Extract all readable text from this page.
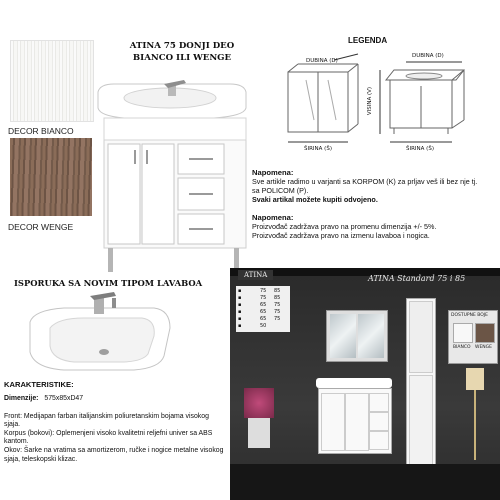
DECOR BIANCO
DECOR WENGE
ATINA 75 DONJI DEO
BIANCO ILI WENGE
LEGENDA
DUBINA (D)
ŠIRINA (Š)
DUBINA (D)
VISINA (V)
ŠIRINA (Š)
Napomena:
Sve artikle radimo u varjanti sa KORPOM (K) za prljav veš ili bez nje tj.
sa POLICOM (P).
Svaki artikal možete kupiti odvojeno.
Napomena:
Proizvođač zadržava pravo na promenu dimenzija +/- 5%.
Proizvođač zadržava pravo na izmenu lavaboa i nogica.
ISPORUKA SA NOVIM TIPOM LAVABOA
KARAKTERISTIKE:
Dimenzije: 575x85xD47
Front: Medijapan farban italijanskim poliuretanskim bojama visokog sjaja.
Korpus (bokovi): Oplemenjeni visoko kvalitetni reljefni univer sa ABS kantom.
Okov: Šarke na vratima sa amortizerom, ručke i nogice metalne visokog sjaja, teleskopski klizac.
ATINA	ATINA Standard 75 i 85
▪	75	85
▪	75	85
▪	65	75
▪	65	75
▪	65	75
▪	50
DOSTUPNE BOJE
BIANCO WENGE
